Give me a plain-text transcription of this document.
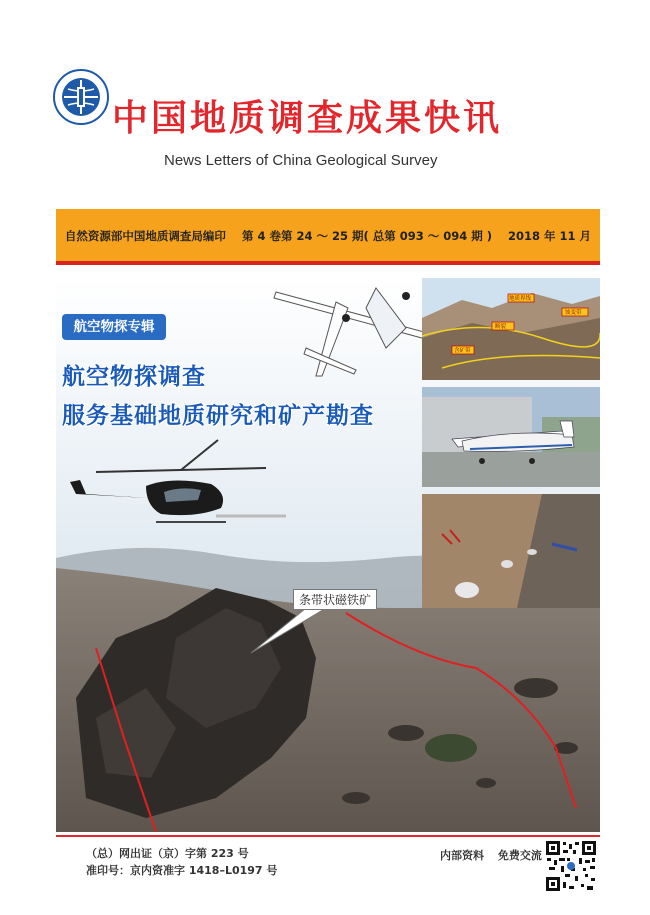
中国地质调查成果快讯
News Letters of China Geological Survey
自然资源部中国地质调查局编印 第 4 卷第 24 ～ 25 期( 总第 093 ～ 094 期 ) 2018 年 11 月
地质界线
蚀变带
断裂
含矿带
航空物探专辑
航空物探调查
服务基础地质研究和矿产勘查
条带状磁铁矿
（总）网出证（京）字第 223 号
准印号：京内资准字 1418–L0197 号
内部资料 免费交流
